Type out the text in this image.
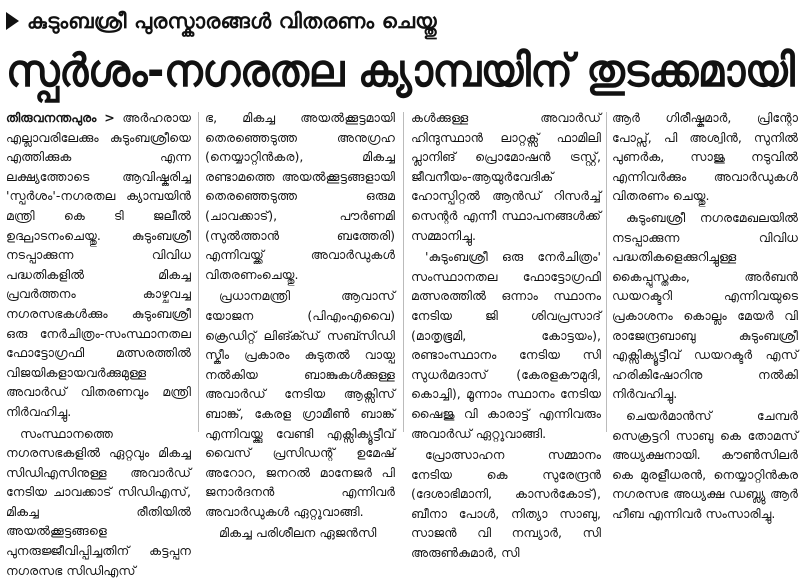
കുടുംബശ്രീ പുരസ്കാരങ്ങൾ വിതരണം ചെയ്തു
സ്പർശം-നഗരതല ക്യാമ്പയിന് തുടക്കമായി

തിരുവനന്തപുരം > അർഹരായ എല്ലാവരിലേക്കും കുടുംബശ്രീയെ എത്തിക്കുക എന്ന ലക്ഷ്യത്തോടെ ആവിഷ്കരിച്ച 'സ്പർശം'-നഗരതല ക്യാമ്പയിൻ മന്ത്രി കെ ടി ജലീൽ ഉദ്ഘാടനംചെയ്തു. കുടുംബശ്രീ നടപ്പാക്കുന്ന വിവിധ പദ്ധതികളിൽ മികച്ച പ്രവർത്തനം കാഴ്ചവച്ച നഗരസഭകൾക്കും കുടുംബശ്രീ ഒരു നേർചിത്രം-സംസ്ഥാനതല ഫോട്ടോഗ്രഫി മത്സരത്തിൽ വിജയികളായവർക്കുമുള്ള അവാർഡ് വിതരണവും മന്ത്രി നിർവഹിച്ചു.

സംസ്ഥാനത്തെ നഗരസഭകളിൽ ഏറ്റവും മികച്ച സിഡിഎസിനുള്ള അവാർഡ് നേടിയ ചാവക്കാട് സിഡിഎസ്, മികച്ച രീതിയിൽ അയൽക്കൂട്ടങ്ങളെ പുനരുജ്ജീവിപ്പിച്ചതിന് കട്ടപ്പന നഗരസഭ സിഡിഎസ്

ഭ, മികച്ച അയൽക്കൂട്ടമായി തെരഞ്ഞെടുത്ത അനുഗ്രഹ (നെയ്യാറ്റിൻകര), മികച്ച രണ്ടാമത്തെ അയൽക്കൂട്ടങ്ങളായി തെരഞ്ഞെടുത്ത ഒരുമ (ചാവക്കാട്), പൗർണമി (സുൽത്താൻ ബത്തേരി) എന്നിവയ്ക്ക് അവാർഡുകൾ വിതരണംചെയ്തു.

പ്രധാനമന്ത്രി ആവാസ് യോജന (പിഎംഎവൈ) ക്രെഡിറ്റ് ലിങ്ക്ഡ് സബ്സിഡി സ്കീം പ്രകാരം കുടുതൽ വായ്പ നൽകിയ ബാങ്കുകൾക്കുള്ള അവാർഡ് നേടിയ ആക്സിസ് ബാങ്ക്, കേരള ഗ്രാമീൺ ബാങ്ക് എന്നിവയ്ക്കു വേണ്ടി എക്സിക്യൂട്ടീവ് വൈസ് പ്രസിഡന്റ് ഉമേഷ് അറോറ, ജനറൽ മാനേജർ പി ജനാർദനൻ എന്നിവർ അവാർഡുകൾ ഏറ്റുവാങ്ങി.

മികച്ച പരിശീലന ഏജൻസി

കൾക്കുള്ള അവാർഡ് ഹിന്ദുസ്ഥാൻ ലാറ്റക്സ് ഫാമിലി പ്ലാനിങ് പ്രൊമോഷൻ ട്രസ്റ്റ്, ജീവനീയം-ആയുർവേദിക് ഹോസ്പിറ്റൽ ആൻഡ് റിസർച്ച് സെന്റർ എന്നീ സ്ഥാപനങ്ങൾക്ക് സമ്മാനിച്ചു.

'കുടുംബശ്രീ ഒരു നേർചിത്രം' സംസ്ഥാനതല ഫോട്ടോഗ്രഫി മത്സരത്തിൽ ഒന്നാം സ്ഥാനം നേടിയ ജി ശിവപ്രസാദ് (മാതൃഭൂമി, കോട്ടയം), രണ്ടാംസ്ഥാനം നേടിയ സി സുധർമദാസ് (കേരളകൗമുദി, കൊച്ചി), മൂന്നാം സ്ഥാനം നേടിയ ഷൈജു വി കാരാട്ട് എന്നിവരും അവാർഡ് ഏറ്റുവാങ്ങി.

പ്രോത്സാഹന സമ്മാനം നേടിയ കെ സുരേന്ദ്രൻ (ദേശാഭിമാനി, കാസർകോട്), ബീനാ പോൾ, നിത്യാ സാബു, സാജൻ വി നമ്പ്യാർ, സി അരുൺകുമാർ, സി

ആർ ഗിരീഷ്കുമാർ, പ്രിന്റോ പോപ്സ്, പി അശ്വിൻ, സുനിൽ പുണർക, സാജു നടുവിൽ എന്നിവർക്കും അവാർഡുകൾ വിതരണം ചെയ്തു.

കുടുംബശ്രീ നഗരമേഖലയിൽ നടപ്പാക്കുന്ന വിവിധ പദ്ധതികളെക്കുറിച്ചുള്ള കൈപ്പുസ്തകം, അർബൻ ഡയറക്ടറി എന്നിവയുടെ പ്രകാശനം കൊല്ലം മേയർ വി രാജേന്ദ്രബാബു കുടുംബശ്രീ എക്സിക്യൂട്ടീവ് ഡയറക്ടർ എസ് ഹരികിഷോറിനു നൽകി നിർവഹിച്ചു.

ചെയർമാൻസ് ചേമ്പർ സെക്രട്ടറി സാബു കെ തോമസ് അധ്യക്ഷനായി. കൗൺസിലർ കെ മുരളീധരൻ, നെയ്യാറ്റിൻകര നഗരസഭ അധ്യക്ഷ ഡബ്ല്യു ആർ ഹീബ എന്നിവർ സംസാരിച്ചു.
